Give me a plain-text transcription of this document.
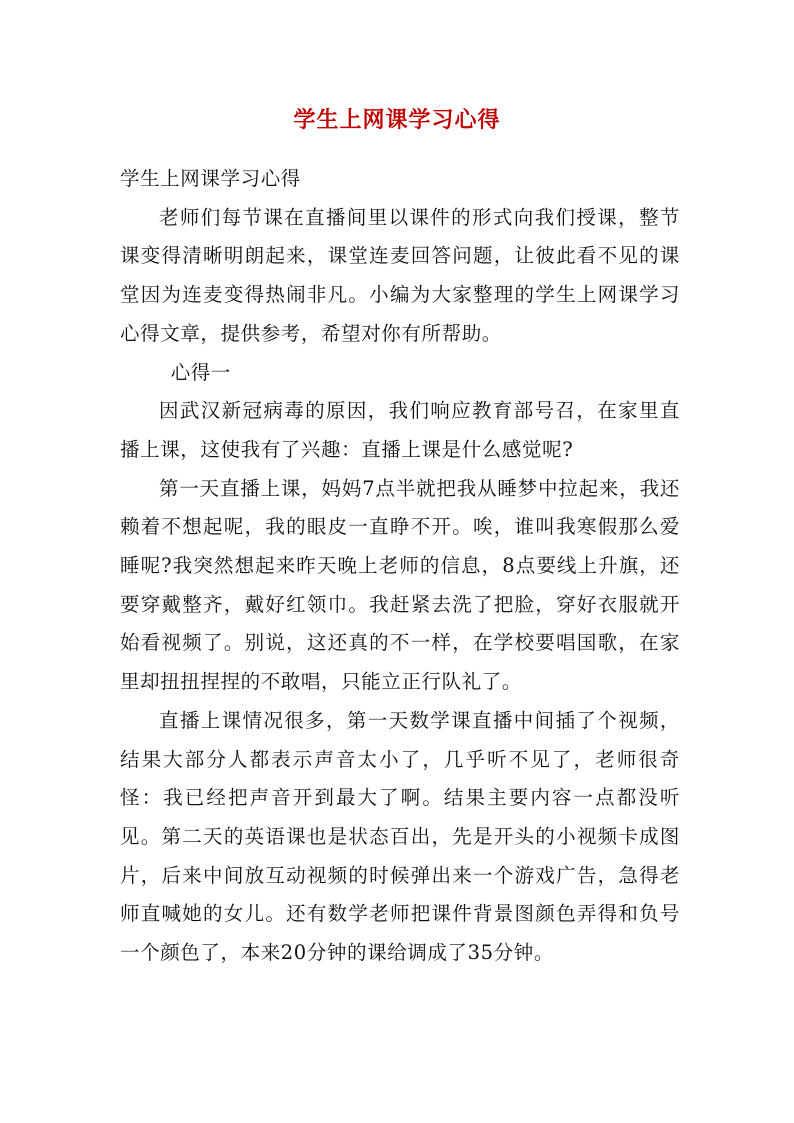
学生上网课学习心得

学生上网课学习心得

老师们每节课在直播间里以课件的形式向我们授课，整节课变得清晰明朗起来，课堂连麦回答问题，让彼此看不见的课堂因为连麦变得热闹非凡。小编为大家整理的学生上网课学习心得文章，提供参考，希望对你有所帮助。

心得一

因武汉新冠病毒的原因，我们响应教育部号召，在家里直播上课，这使我有了兴趣：直播上课是什么感觉呢?

第一天直播上课，妈妈7点半就把我从睡梦中拉起来，我还赖着不想起呢，我的眼皮一直睁不开。唉，谁叫我寒假那么爱睡呢?我突然想起来昨天晚上老师的信息，8点要线上升旗，还要穿戴整齐，戴好红领巾。我赶紧去洗了把脸，穿好衣服就开始看视频了。别说，这还真的不一样，在学校要唱国歌，在家里却扭扭捏捏的不敢唱，只能立正行队礼了。

直播上课情况很多，第一天数学课直播中间插了个视频，结果大部分人都表示声音太小了，几乎听不见了，老师很奇怪：我已经把声音开到最大了啊。结果主要内容一点都没听见。第二天的英语课也是状态百出，先是开头的小视频卡成图片，后来中间放互动视频的时候弹出来一个游戏广告，急得老师直喊她的女儿。还有数学老师把课件背景图颜色弄得和负号一个颜色了，本来20分钟的课给调成了35分钟。
